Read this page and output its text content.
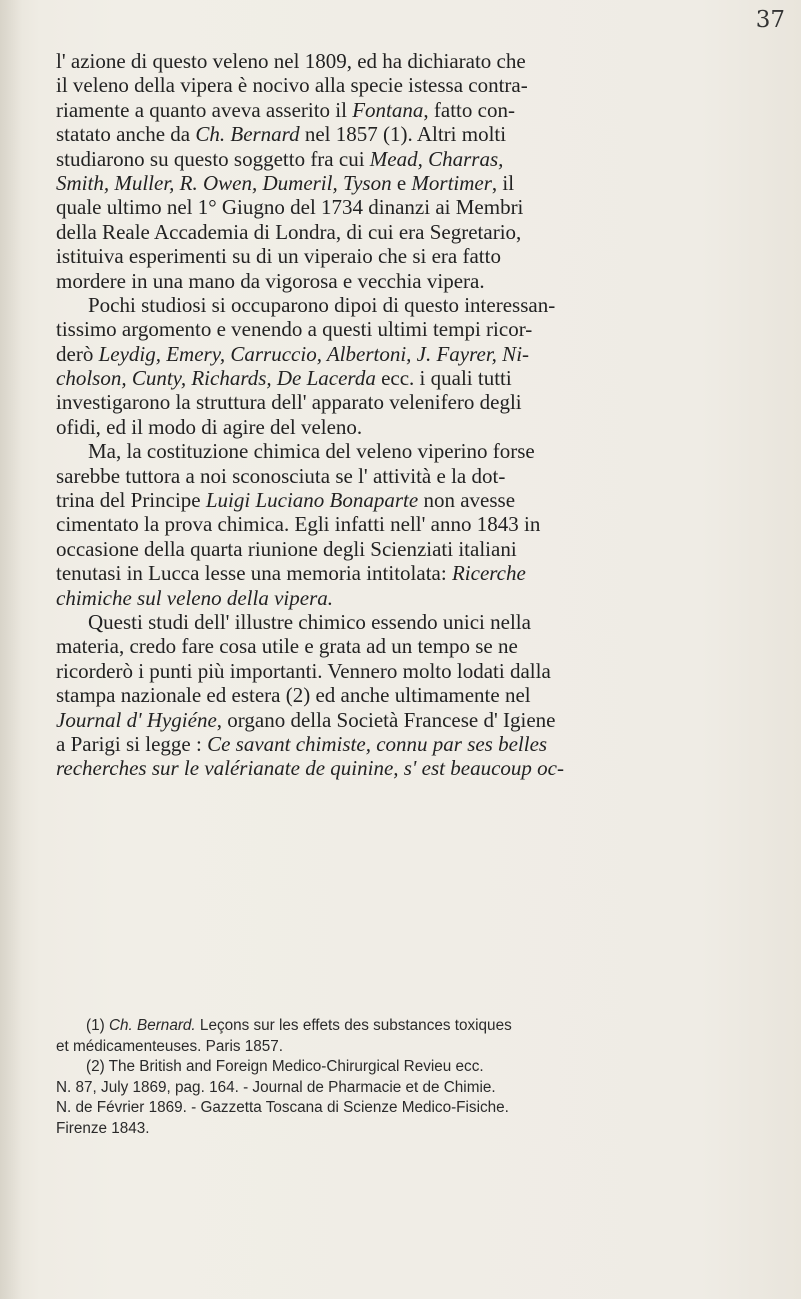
37
l' azione di questo veleno nel 1809, ed ha dichiarato che
il veleno della vipera è nocivo alla specie istessa contra-
riamente a quanto aveva asserito il Fontana, fatto con-
statato anche da Ch. Bernard nel 1857 (1). Altri molti
studiarono su questo soggetto fra cui Mead, Charras,
Smith, Muller, R. Owen, Dumeril, Tyson e Mortimer, il
quale ultimo nel 1° Giugno del 1734 dinanzi ai Membri
della Reale Accademia di Londra, di cui era Segretario,
istituiva esperimenti su di un viperaio che si era fatto
mordere in una mano da vigorosa e vecchia vipera.
Pochi studiosi si occuparono dipoi di questo interessan-
tissimo argomento e venendo a questi ultimi tempi ricor-
derò Leydig, Emery, Carruccio, Albertoni, J. Fayrer, Ni-
cholson, Cunty, Richards, De Lacerda ecc. i quali tutti
investigarono la struttura dell' apparato velenifero degli
ofidi, ed il modo di agire del veleno.
Ma, la costituzione chimica del veleno viperino forse
sarebbe tuttora a noi sconosciuta se l' attività e la dot-
trina del Principe Luigi Luciano Bonaparte non avesse
cimentato la prova chimica. Egli infatti nell' anno 1843 in
occasione della quarta riunione degli Scienziati italiani
tenutasi in Lucca lesse una memoria intitolata: Ricerche
chimiche sul veleno della vipera.
Questi studi dell' illustre chimico essendo unici nella
materia, credo fare cosa utile e grata ad un tempo se ne
ricorderò i punti più importanti. Vennero molto lodati dalla
stampa nazionale ed estera (2) ed anche ultimamente nel
Journal d' Hygiéne, organo della Società Francese d' Igiene
a Parigi si legge : Ce savant chimiste, connu par ses belles
recherches sur le valérianate de quinine, s' est beaucoup oc-
(1) Ch. Bernard. Leçons sur les effets des substances toxiques
et médicamenteuses. Paris 1857.
(2) The British and Foreign Medico-Chirurgical Revieu ecc.
N. 87, July 1869, pag. 164. - Journal de Pharmacie et de Chimie.
N. de Février 1869. - Gazzetta Toscana di Scienze Medico-Fisiche.
Firenze 1843.
